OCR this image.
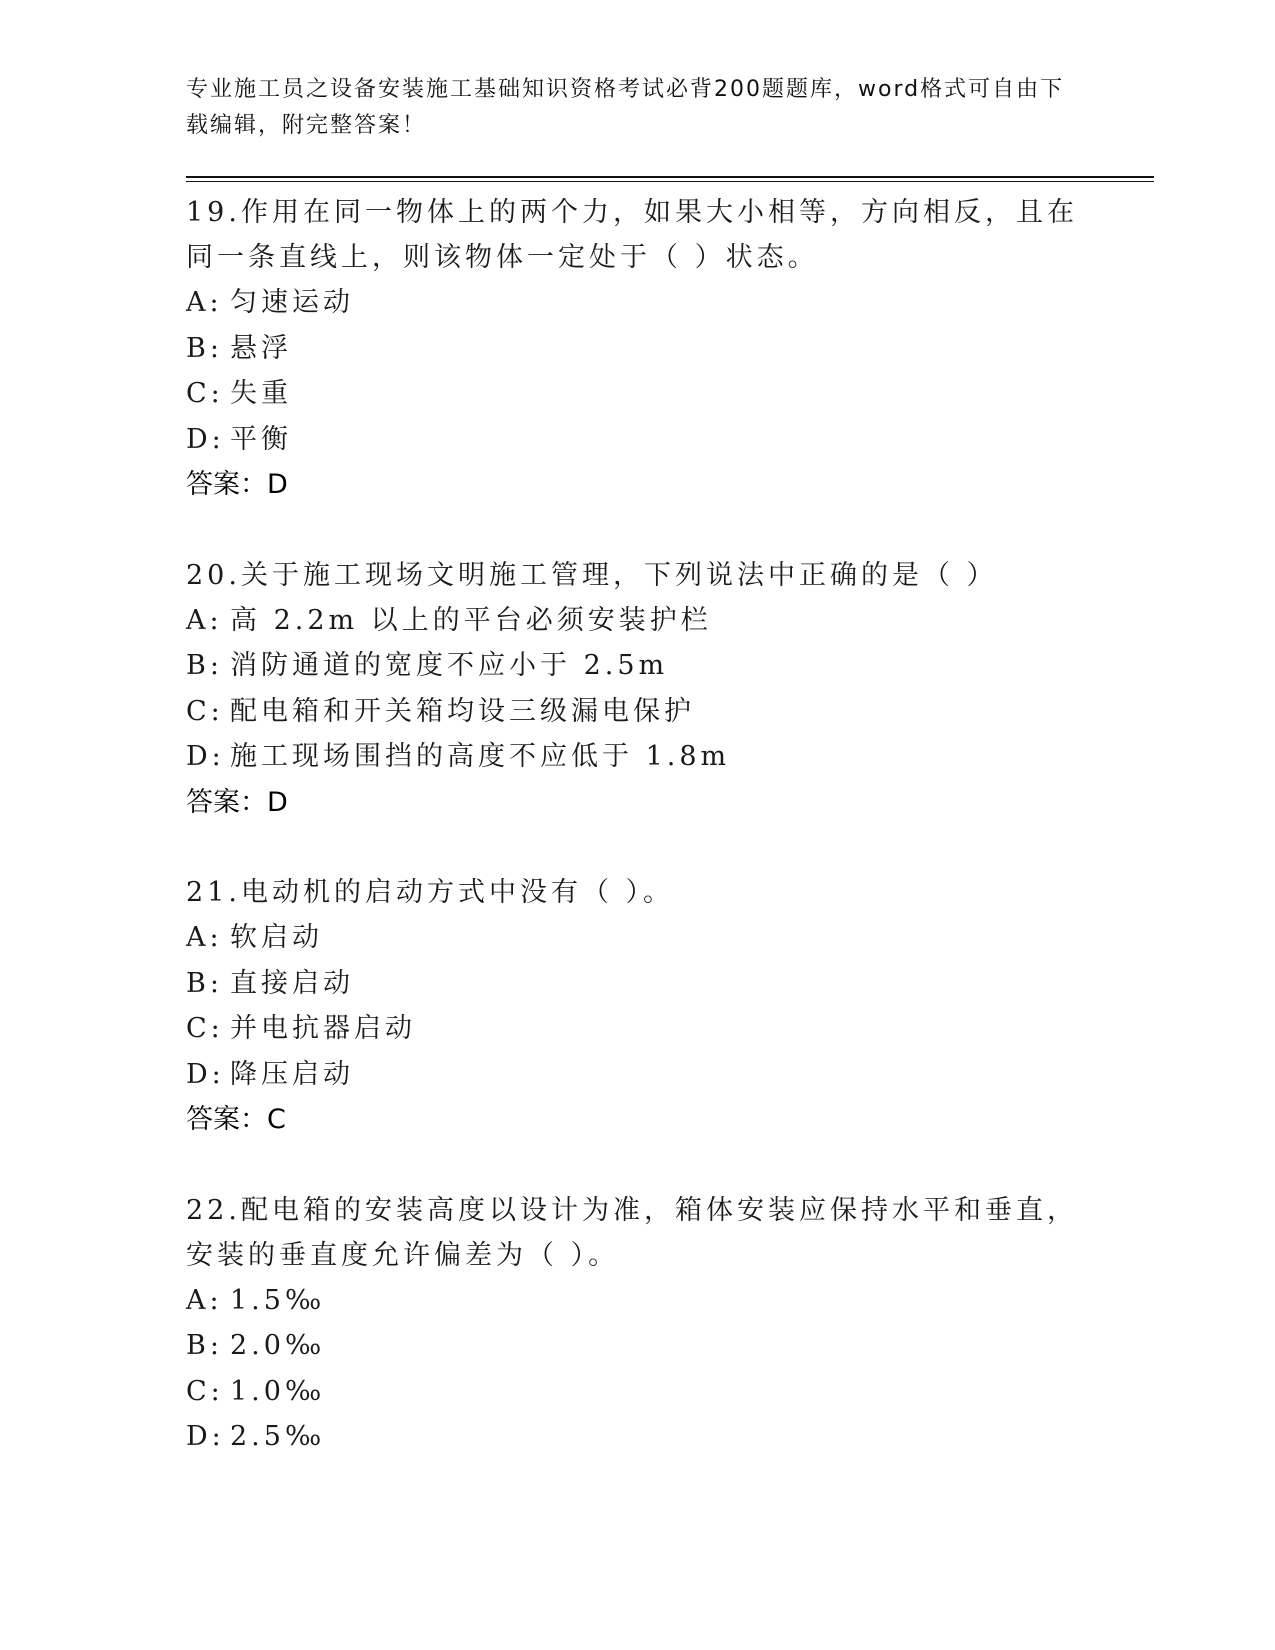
专业施工员之设备安装施工基础知识资格考试必背200题题库，word格式可自由下载编辑，附完整答案！
19.作用在同一物体上的两个力，如果大小相等，方向相反，且在同一条直线上，则该物体一定处于（ ）状态。
A: 匀速运动
B: 悬浮
C: 失重
D: 平衡
答案：D
20.关于施工现场文明施工管理，下列说法中正确的是（ ）
A: 高 2.2m 以上的平台必须安装护栏
B: 消防通道的宽度不应小于 2.5m
C: 配电箱和开关箱均设三级漏电保护
D: 施工现场围挡的高度不应低于 1.8m
答案：D
21.电动机的启动方式中没有（ ）。
A: 软启动
B: 直接启动
C: 并电抗器启动
D: 降压启动
答案：C
22.配电箱的安装高度以设计为准，箱体安装应保持水平和垂直，安装的垂直度允许偏差为（ ）。
A: 1.5‰
B: 2.0‰
C: 1.0‰
D: 2.5‰
